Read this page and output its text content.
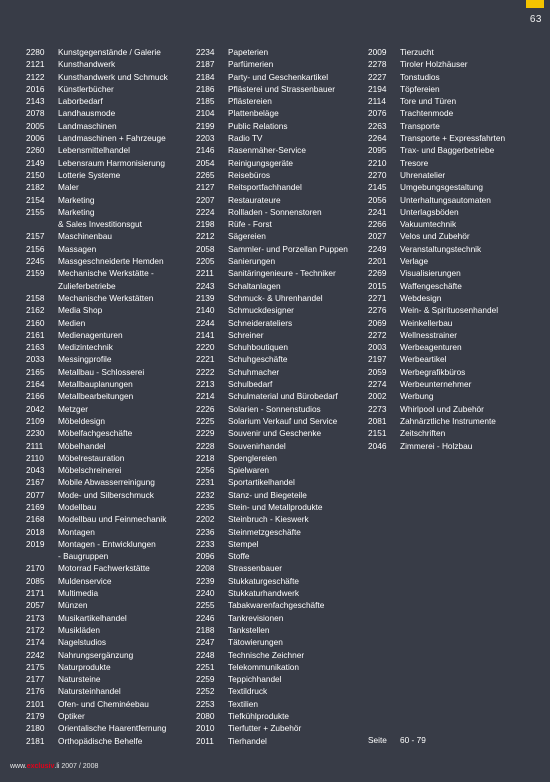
63
2280	Kunstgegenstände / Galerie
2121	Kunsthandwerk
2122	Kunsthandwerk und Schmuck
2016	Künstlerbücher
2143	Laborbedarf
2078	Landhausmode
2005	Landmaschinen
2006	Landmaschinen + Fahrzeuge
2260	Lebensmittelhandel
2149	Lebensraum Harmonisierung
2150	Lotterie Systeme
2182	Maler
2154	Marketing
2155	Marketing
& Sales Investitionsgut
2157	Maschinenbau
2156	Massagen
2245	Massgeschneiderte Hemden
2159	Mechanische Werkstätte -
Zulieferbetriebe
2158	Mechanische Werkstätten
2162	Media Shop
2160	Medien
2161	Medienagenturen
2163	Medizintechnik
2033	Messingprofile
2165	Metallbau - Schlosserei
2164	Metallbauplanungen
2166	Metallbearbeitungen
2042	Metzger
2109	Möbeldesign
2230	Möbelfachgeschäfte
2111	Möbelhandel
2110	Möbelrestauration
2043	Möbelschreinerei
2167	Mobile Abwasserreinigung
2077	Mode- und Silberschmuck
2169	Modellbau
2168	Modellbau und Feinmechanik
2018	Montagen
2019	Montagen - Entwicklungen
- Baugruppen
2170	Motorrad Fachwerkstätte
2085	Muldenservice
2171	Multimedia
2057	Münzen
2173	Musikartikelhandel
2172	Musikläden
2174	Nagelstudios
2242	Nahrungsergänzung
2175	Naturprodukte
2177	Natursteine
2176	Natursteinhandel
2101	Ofen- und Cheminéebau
2179	Optiker
2180	Orientalische Haarentfernung
2181	Orthopädische Behelfe
2234	Papeterien
2187	Parfümerien
2184	Party- und Geschenkartikel
2186	Pflästerei und Strassenbauer
2185	Pflästereien
2104	Plattenbeläge
2199	Public Relations
2203	Radio TV
2146	Rasenmäher-Service
2054	Reinigungsgeräte
2265	Reisebüros
2127	Reitsportfachhandel
2207	Restaurateure
2224	Rollladen - Sonnenstoren
2198	Rüfe - Forst
2212	Sägereien
2058	Sammler- und Porzellan Puppen
2205	Sanierungen
2211	Sanitäringenieure - Techniker
2243	Schaltanlagen
2139	Schmuck- & Uhrenhandel
2140	Schmuckdesigner
2244	Schneiderateliers
2141	Schreiner
2220	Schuhboutiquen
2221	Schuhgeschäfte
2222	Schuhmacher
2213	Schulbedarf
2214	Schulmaterial und Bürobedarf
2226	Solarien - Sonnenstudios
2225	Solarium Verkauf und Service
2229	Souvenir und Geschenke
2228	Souvenirhandel
2218	Spenglereien
2256	Spielwaren
2231	Sportartikelhandel
2232	Stanz- und Biegeteile
2235	Stein- und Metallprodukte
2202	Steinbruch - Kieswerk
2236	Steinmetzgeschäfte
2233	Stempel
2096	Stoffe
2208	Strassenbauer
2239	Stukkaturgeschäfte
2240	Stukkaturhandwerk
2255	Tabakwarenfachgeschäfte
2246	Tankrevisionen
2188	Tankstellen
2247	Tätowierungen
2248	Technische Zeichner
2251	Telekommunikation
2259	Teppichhandel
2252	Textildruck
2253	Textilien
2080	Tiefkühlprodukte
2010	Tierfutter + Zubehör
2011	Tierhandel
2009	Tierzucht
2278	Tiroler Holzhäuser
2227	Tonstudios
2194	Töpfereien
2114	Tore und Türen
2076	Trachtenmode
2263	Transporte
2264	Transporte + Expressfahrten
2095	Trax- und Baggerbetriebe
2210	Tresore
2270	Uhrenatelier
2145	Umgebungsgestaltung
2056	Unterhaltungsautomaten
2241	Unterlagsböden
2266	Vakuumtechnik
2027	Velos und Zubehör
2249	Veranstaltungstechnik
2201	Verlage
2269	Visualisierungen
2015	Waffengeschäfte
2271	Webdesign
2276	Wein- & Spirituosenhandel
2069	Weinkellerbau
2272	Wellnesstrainer
2003	Werbeagenturen
2197	Werbeartikel
2059	Werbegrafikbüros
2274	Werbeunternehmer
2002	Werbung
2273	Whirlpool und Zubehör
2081	Zahnärztliche Instrumente
2151	Zeitschriften
2046	Zimmerei - Holzbau
Seite	60 - 79
www.exclusiv.li 2007 / 2008
